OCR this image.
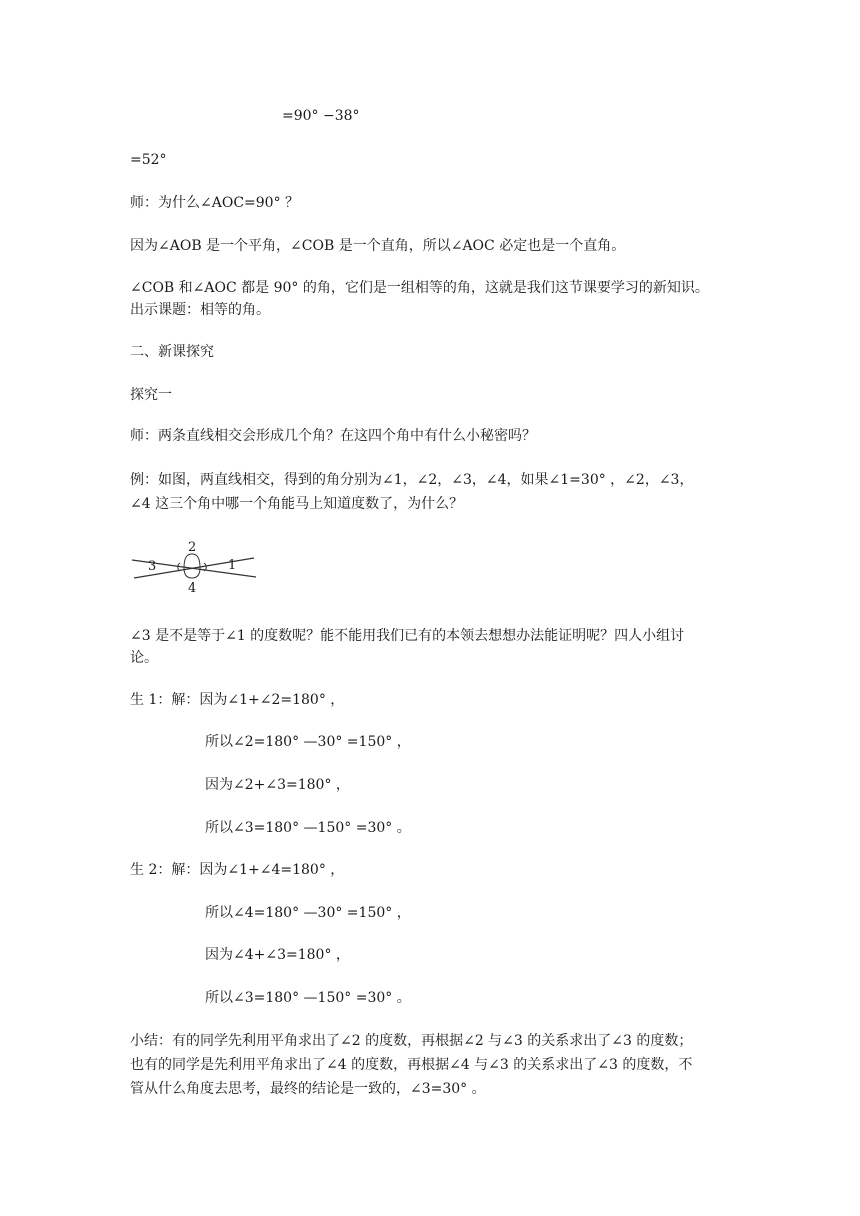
=90° −38°
=52°
师：为什么∠AOC=90° ？
因为∠AOB 是一个平角，∠COB 是一个直角，所以∠AOC 必定也是一个直角。
∠COB 和∠AOC 都是 90° 的角，它们是一组相等的角，这就是我们这节课要学习的新知识。
出示课题：相等的角。
二、新课探究
探究一
师：两条直线相交会形成几个角？在这四个角中有什么小秘密吗？
例：如图，两直线相交，得到的角分别为∠1，∠2，∠3，∠4，如果∠1=30° ，∠2，∠3，
∠4 这三个角中哪一个角能马上知道度数了，为什么？
2
1
4
3
∠3 是不是等于∠1 的度数呢？能不能用我们已有的本领去想想办法能证明呢？四人小组讨
论。
生 1：解：因为∠1+∠2=180° ，
所以∠2=180° —30° =150° ，
因为∠2+∠3=180° ，
所以∠3=180° —150° =30° 。
生 2：解：因为∠1+∠4=180° ，
所以∠4=180° —30° =150° ，
因为∠4+∠3=180° ，
所以∠3=180° —150° =30° 。
小结：有的同学先利用平角求出了∠2 的度数，再根据∠2 与∠3 的关系求出了∠3 的度数；
也有的同学是先利用平角求出了∠4 的度数，再根据∠4 与∠3 的关系求出了∠3 的度数，不
管从什么角度去思考，最终的结论是一致的，∠3=30° 。
